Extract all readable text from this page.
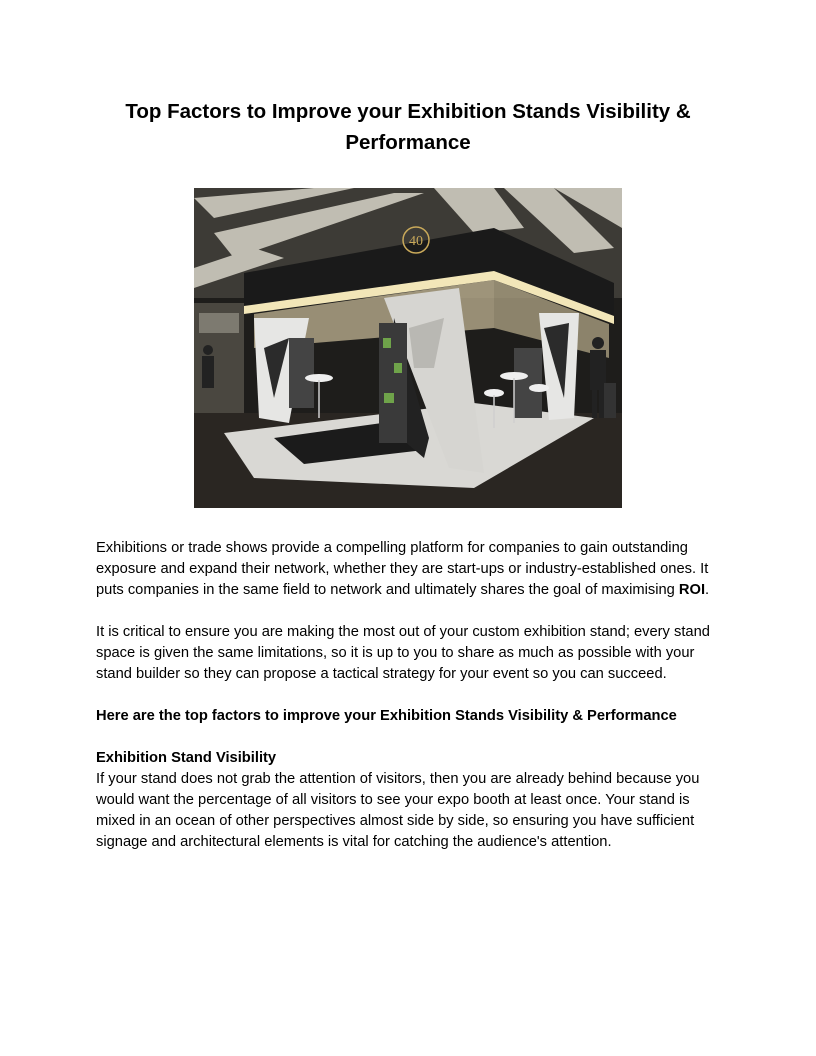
Top Factors to Improve your Exhibition Stands Visibility & Performance
40

Exhibitions or trade shows provide a compelling platform for companies to gain outstanding exposure and expand their network, whether they are start-ups or industry-established ones. It puts companies in the same field to network and ultimately shares the goal of maximising ROI.

It is critical to ensure you are making the most out of your custom exhibition stand; every stand space is given the same limitations, so it is up to you to share as much as possible with your stand builder so they can propose a tactical strategy for your event so you can succeed.

Here are the top factors to improve your Exhibition Stands Visibility & Performance

Exhibition Stand Visibility

If your stand does not grab the attention of visitors, then you are already behind because you would want the percentage of all visitors to see your expo booth at least once. Your stand is mixed in an ocean of other perspectives almost side by side, so ensuring you have sufficient signage and architectural elements is vital for catching the audience's attention.
